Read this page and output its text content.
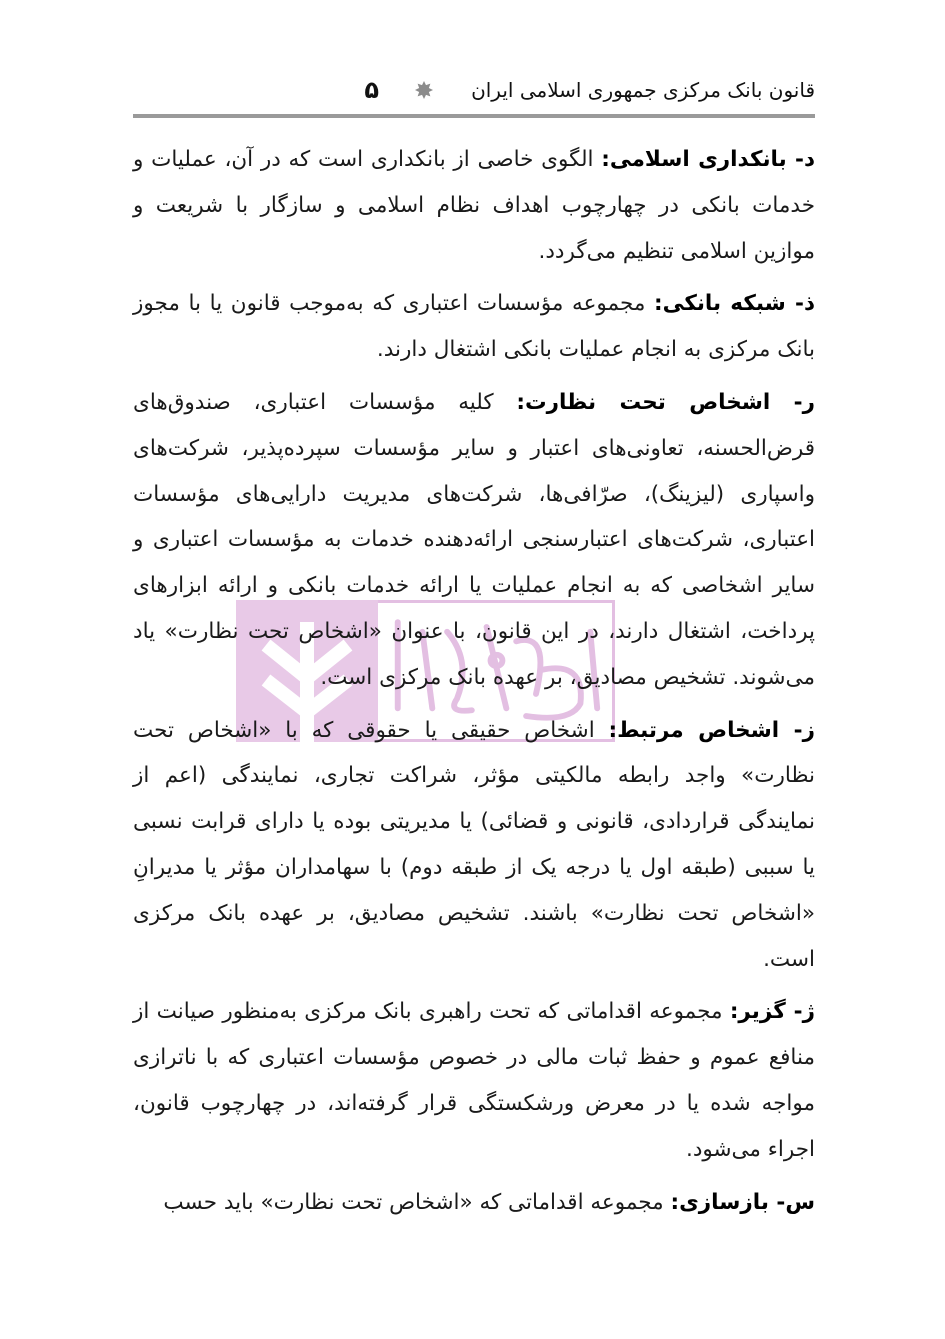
قانون بانک مرکزی جمهوری اسلامی ایران
۵

د- بانکداری اسلامی: الگوی خاصی از بانکداری است که در آن، عملیات و خدمات بانکی در چهارچوب اهداف نظام اسلامی و سازگار با شریعت و موازین اسلامی تنظیم می‌گردد.

ذ- شبکه بانکی: مجموعه مؤسسات اعتباری که به‌موجب قانون یا با مجوز بانک مرکزی به انجام عملیات بانکی اشتغال دارند.

ر- اشخاص تحت نظارت: کلیه مؤسسات اعتباری، صندوق‌های قرض‌الحسنه، تعاونی‌های اعتبار و سایر مؤسسات سپرده‌پذیر، شرکت‌های واسپاری (لیزینگ)، صرّافی‌ها، شرکت‌های مدیریت دارایی‌های مؤسسات اعتباری، شرکت‌های اعتبارسنجی ارائه‌دهنده خدمات به مؤسسات اعتباری و سایر اشخاصی که به انجام عملیات یا ارائه خدمات بانکی و ارائه ابزارهای پرداخت، اشتغال دارند، در این قانون، با عنوان «اشخاص تحت نظارت» یاد می‌شوند. تشخیص مصادیق، بر عهده بانک مرکزی است.

ز- اشخاص مرتبط: اشخاص حقیقی یا حقوقی که با «اشخاص تحت نظارت» واجد رابطه مالکیتی مؤثر، شراکت تجاری، نمایندگی (اعم از نمایندگی قراردادی، قانونی و قضائی) یا مدیریتی بوده یا دارای قرابت نسبی یا سببی (طبقه اول یا درجه یک از طبقه دوم) با سهامداران مؤثر یا مدیرانِ «اشخاص تحت نظارت» باشند. تشخیص مصادیق، بر عهده بانک مرکزی است.

ژ- گزیر: مجموعه اقداماتی که تحت راهبری بانک مرکزی به‌منظور صیانت از منافع عموم و حفظ ثبات مالی در خصوص مؤسسات اعتباری که با ناترازی مواجه شده یا در معرض ورشکستگی قرار گرفته‌اند، در چهارچوب قانون، اجراء می‌شود.

س- بازسازی: مجموعه اقداماتی که «اشخاص تحت نظارت» باید حسب
